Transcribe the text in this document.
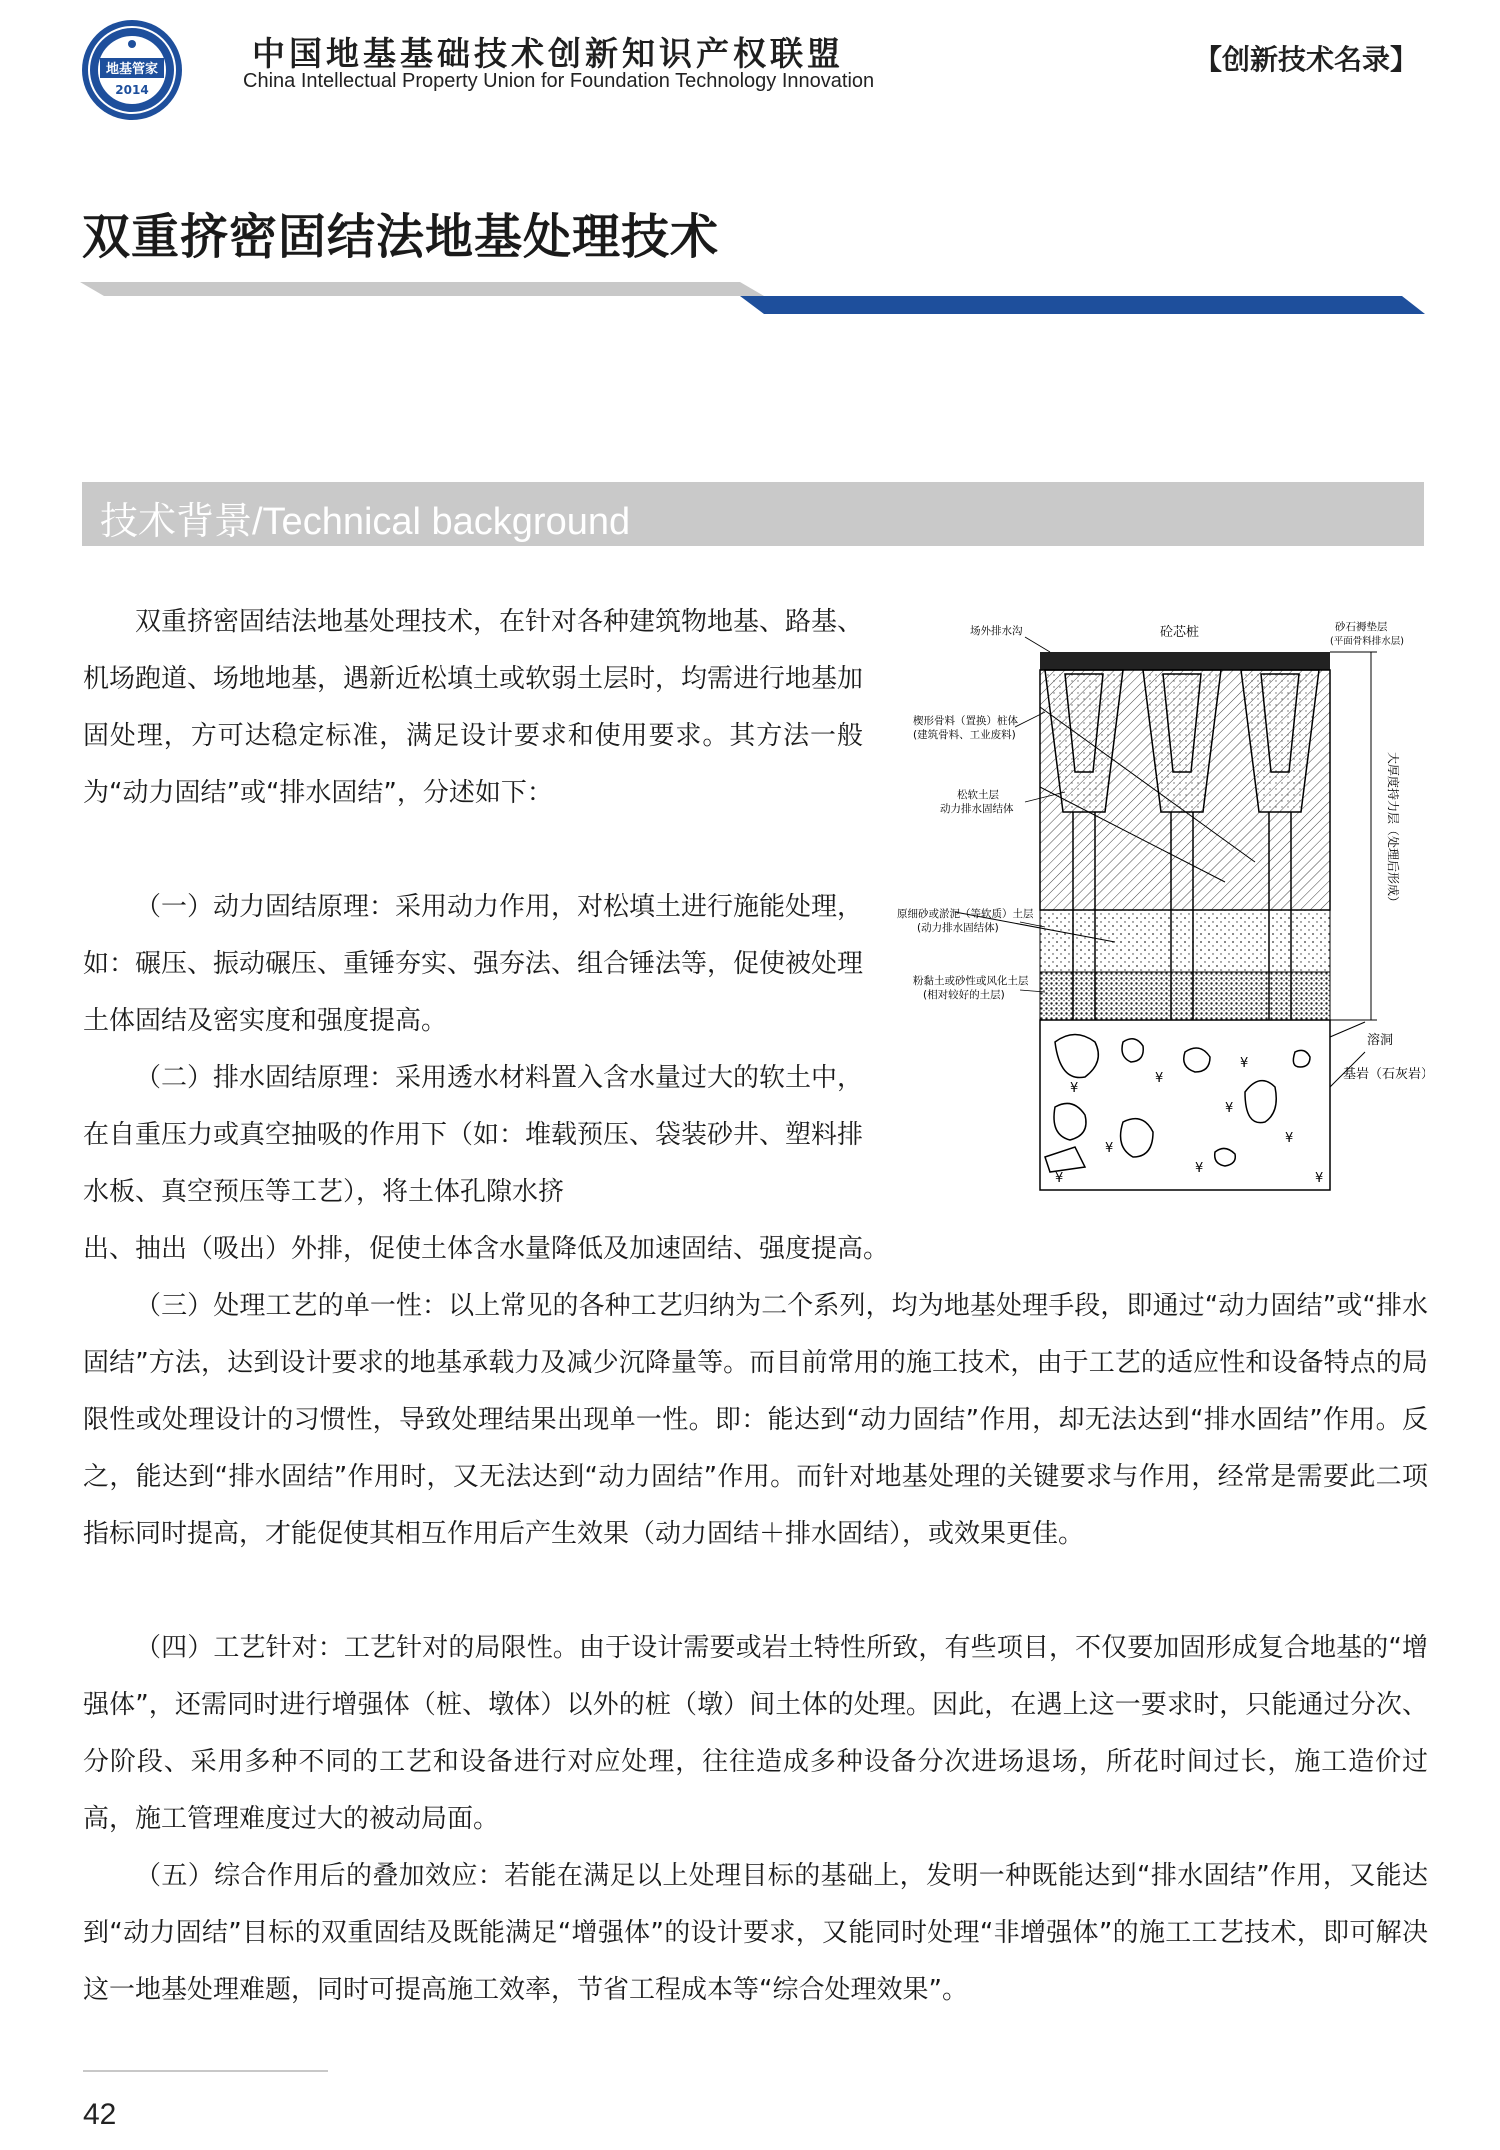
地基管家
2014
中国地基基础技术创新知识产权联盟
China Intellectual Property Union for Foundation Technology Innovation
【创新技术名录】
双重挤密固结法地基处理技术
技术背景/Technical background

双重挤密固结法地基处理技术，在针对各种建筑物地基、路基、机场跑道、场地地基，遇新近松填土或软弱土层时，均需进行地基加固处理，方可达稳定标准，满足设计要求和使用要求。其方法一般为“动力固结”或“排水固结”，分述如下：

（一）动力固结原理：采用动力作用，对松填土进行施能处理，如：碾压、振动碾压、重锤夯实、强夯法、组合锤法等，促使被处理土体固结及密实度和强度提高。

（二）排水固结原理：采用透水材料置入含水量过大的软土中，在自重压力或真空抽吸的作用下（如：堆载预压、袋装砂井、塑料排水板、真空预压等工艺），将土体孔隙水挤

出、抽出（吸出）外排，促使土体含水量降低及加速固结、强度提高。

（三）处理工艺的单一性：以上常见的各种工艺归纳为二个系列，均为地基处理手段，即通过“动力固结”或“排水固结”方法，达到设计要求的地基承载力及减少沉降量等。而目前常用的施工技术，由于工艺的适应性和设备特点的局限性或处理设计的习惯性，导致处理结果出现单一性。即：能达到“动力固结”作用，却无法达到“排水固结”作用。反之，能达到“排水固结”作用时，又无法达到“动力固结”作用。而针对地基处理的关键要求与作用，经常是需要此二项指标同时提高，才能促使其相互作用后产生效果（动力固结＋排水固结），或效果更佳。

（四）工艺针对：工艺针对的局限性。由于设计需要或岩土特性所致，有些项目，不仅要加固形成复合地基的“增强体”，还需同时进行增强体（桩、墩体）以外的桩（墩）间土体的处理。因此，在遇上这一要求时，只能通过分次、分阶段、采用多种不同的工艺和设备进行对应处理，往往造成多种设备分次进场退场，所花时间过长，施工造价过高，施工管理难度过大的被动局面。

（五）综合作用后的叠加效应：若能在满足以上处理目标的基础上，发明一种既能达到“排水固结”作用，又能达到“动力固结”目标的双重固结及既能满足“增强体”的设计要求，又能同时处理“非增强体”的施工工艺技术，即可解决这一地基处理难题，同时可提高施工效率，节省工程成本等“综合处理效果”。

¥
¥
¥
¥
¥
¥
¥	¥
¥
场外排水沟	砼芯桩	砂石褥垫层
(平面骨料排水层)
楔形骨料（置换）桩体
(建筑骨料、工业废料)
松软土层
动力排水固结体
原细砂或淤泥（等软质）土层
(动力排水固结体)
粉黏土或砂性或风化土层
(相对较好的土层)
溶洞
基岩（石灰岩）
大厚度持力层（处理后形成）
42
